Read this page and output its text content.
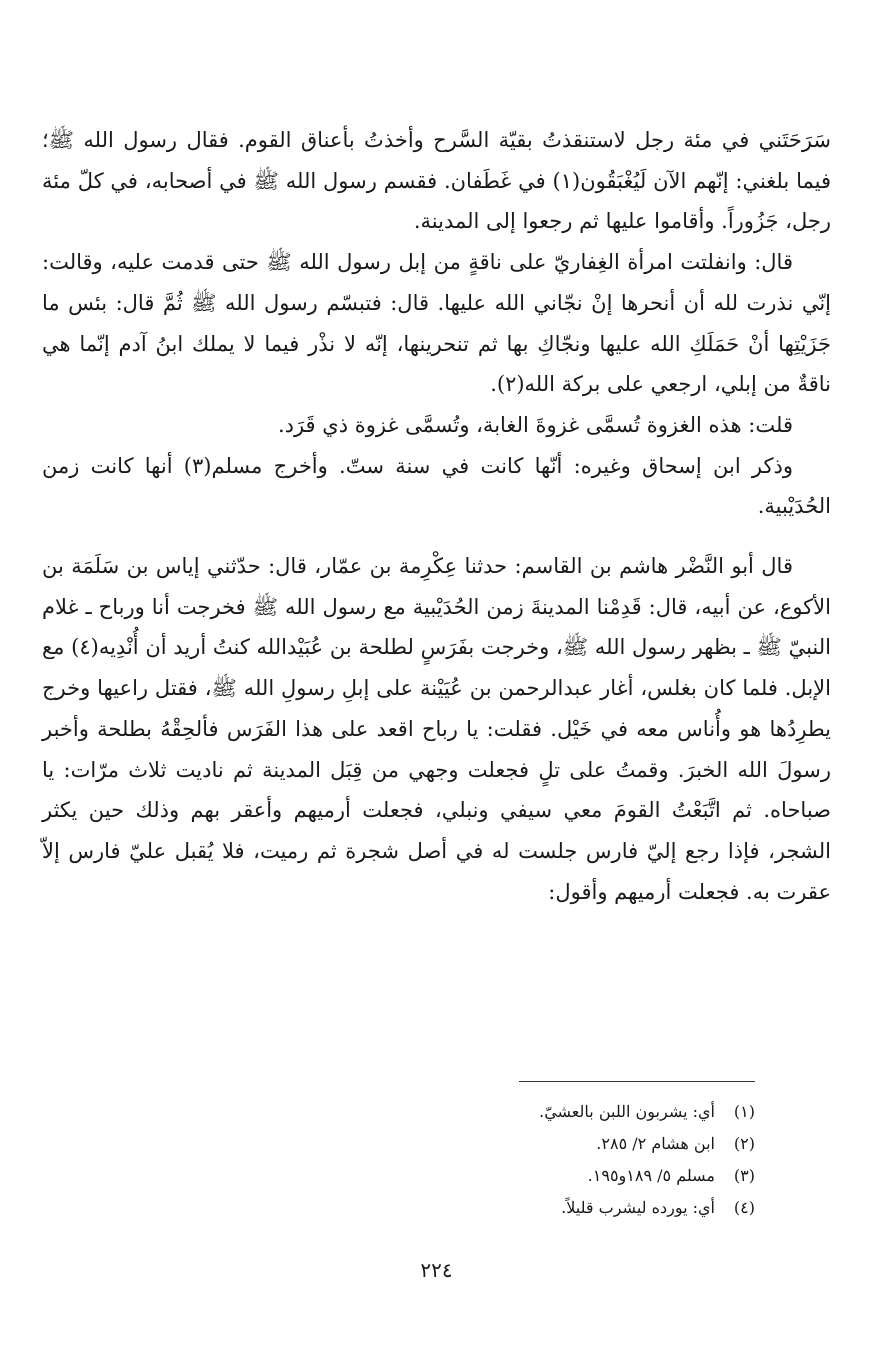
سَرَحَتَني في مئة رجل لاستنقذتُ بقيّة السَّرح وأخذتُ بأعناق القوم. فقال رسول الله ﷺ؛ فيما بلغني: إنّهم الآن لَيُغْبَقُون(١) في غَطَفان. فقسم رسول الله ﷺ في أصحابه، في كلّ مئة رجل، جَزُوراً. وأقاموا عليها ثم رجعوا إلى المدينة.

قال: وانفلتت امرأة الغِفاريّ على ناقةٍ من إبل رسول الله ﷺ حتى قدمت عليه، وقالت: إنّي نذرت لله أن أنحرها إنْ نجّاني الله عليها. قال: فتبسّم رسول الله ﷺ ثُمَّ قال: بئس ما جَزَيْتِها أنْ حَمَلَكِ الله عليها ونجّاكِ بها ثم تنحرينها، إنّه لا نذْر فيما لا يملك ابنُ آدم إنّما هي ناقةٌ من إبلي، ارجعي على بركة الله(٢).

قلت: هذه الغزوة تُسمَّى غزوةَ الغابة، وتُسمَّى غزوة ذي قَرَد.

وذكر ابن إسحاق وغيره: أنّها كانت في سنة ستّ. وأخرج مسلم(٣) أنها كانت زمن الحُدَيْبية.

قال أبو النَّضْر هاشم بن القاسم: حدثنا عِكْرِمة بن عمّار، قال: حدّثني إياس بن سَلَمَة بن الأكوع، عن أبيه، قال: قَدِمْنا المدينةَ زمن الحُدَيْبية مع رسول الله ﷺ فخرجت أنا ورباح ـ غلام النبيّ ﷺ ـ بظهر رسول الله ﷺ، وخرجت بفَرَسٍ لطلحة بن عُبَيْدالله كنتُ أريد أن أُنْدِيه(٤) مع الإبل. فلما كان بغلس، أغار عبدالرحمن بن عُيَيْنة على إبلِ رسولِ الله ﷺ، فقتل راعيها وخرج يطرِدُها هو وأُناس معه في خَيْل. فقلت: يا رباح اقعد على هذا الفَرَس فألحِقْهُ بطلحة وأخبر رسولَ الله الخبرَ. وقمتُ على تلٍ فجعلت وجهي من قِبَل المدينة ثم ناديت ثلاث مرّات: يا صباحاه. ثم اتَّبَعْتُ القومَ معي سيفي ونبلي، فجعلت أرميهم وأعقر بهم وذلك حين يكثر الشجر، فإذا رجع إليّ فارس جلست له في أصل شجرة ثم رميت، فلا يُقبل عليّ فارس إلاّ عقرت به. فجعلت أرميهم وأقول:

(١)
أي: يشربون اللبن بالعشيّ.
(٢)
ابن هشام ٢/ ٢٨٥.
(٣)
مسلم ٥/ ١٨٩و١٩٥.
(٤)
أي: يورده ليشرب قليلاً.
٢٢٤
